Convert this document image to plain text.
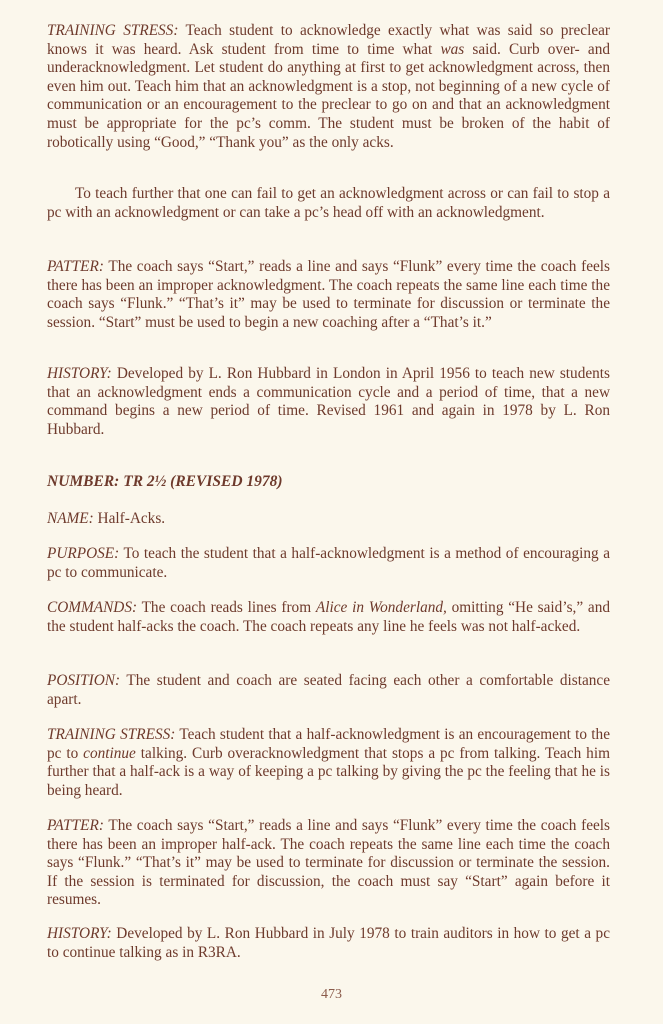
TRAINING STRESS: Teach student to acknowledge exactly what was said so preclear knows it was heard. Ask student from time to time what was said. Curb over- and underacknowledgment. Let student do anything at first to get acknowledgment across, then even him out. Teach him that an acknowledgment is a stop, not beginning of a new cycle of communication or an encouragement to the preclear to go on and that an acknowledgment must be appropriate for the pc’s comm. The student must be broken of the habit of robotically using “Good,” “Thank you” as the only acks.

To teach further that one can fail to get an acknowledgment across or can fail to stop a pc with an acknowledgment or can take a pc’s head off with an acknowledgment.

PATTER: The coach says “Start,” reads a line and says “Flunk” every time the coach feels there has been an improper acknowledgment. The coach repeats the same line each time the coach says “Flunk.” “That’s it” may be used to terminate for discussion or terminate the session. “Start” must be used to begin a new coaching after a “That’s it.”

HISTORY: Developed by L. Ron Hubbard in London in April 1956 to teach new students that an acknowledgment ends a communication cycle and a period of time, that a new command begins a new period of time. Revised 1961 and again in 1978 by L. Ron Hubbard.

NUMBER: TR 2½ (REVISED 1978)

NAME: Half-Acks.

PURPOSE: To teach the student that a half-acknowledgment is a method of encouraging a pc to communicate.

COMMANDS: The coach reads lines from Alice in Wonderland, omitting “He said’s,” and the student half-acks the coach. The coach repeats any line he feels was not half-acked.

POSITION: The student and coach are seated facing each other a comfortable distance apart.

TRAINING STRESS: Teach student that a half-acknowledgment is an encouragement to the pc to continue talking. Curb overacknowledgment that stops a pc from talking. Teach him further that a half-ack is a way of keeping a pc talking by giving the pc the feeling that he is being heard.

PATTER: The coach says “Start,” reads a line and says “Flunk” every time the coach feels there has been an improper half-ack. The coach repeats the same line each time the coach says “Flunk.” “That’s it” may be used to terminate for discussion or terminate the session. If the session is terminated for discussion, the coach must say “Start” again before it resumes.

HISTORY: Developed by L. Ron Hubbard in July 1978 to train auditors in how to get a pc to continue talking as in R3RA.

473
